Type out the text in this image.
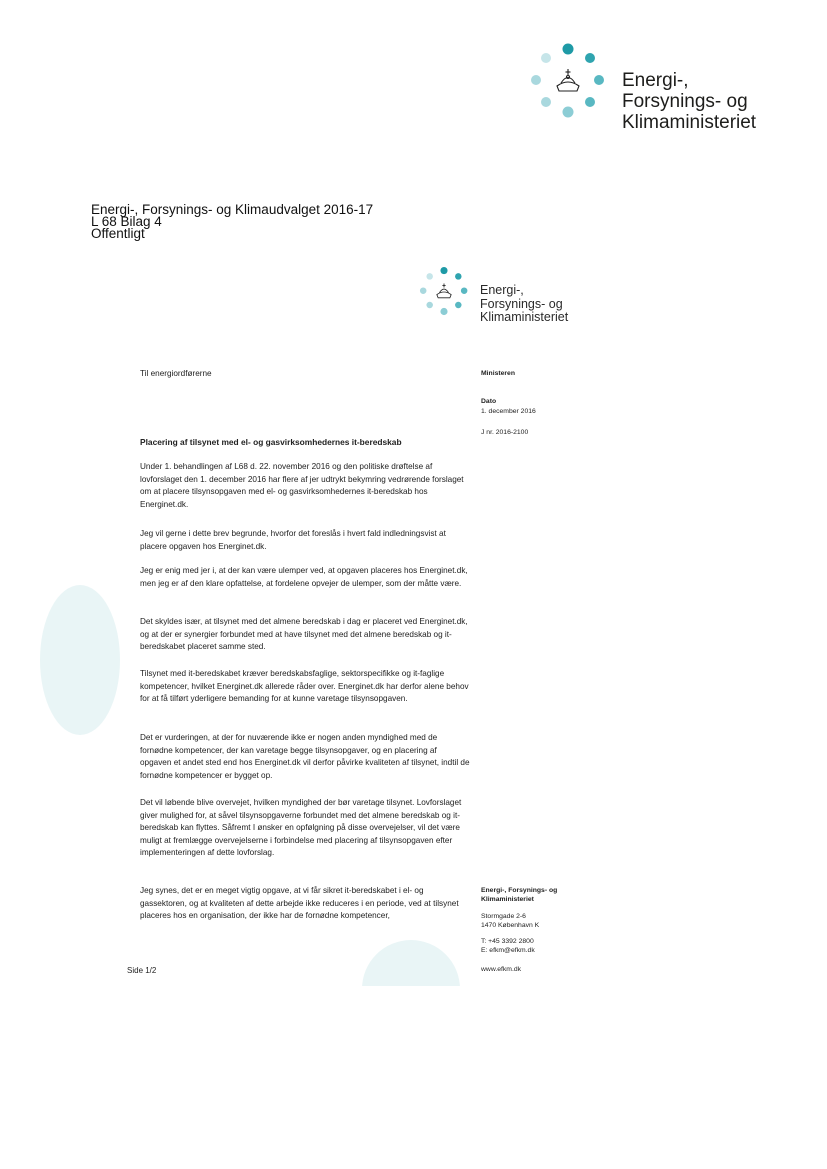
Energi-,
Forsynings- og
Klimaministeriet
Energi-, Forsynings- og Klimaudvalget 2016-17
L 68 Bilag 4
Offentligt
Energi-,
Forsynings- og
Klimaministeriet
Til energiordførerne
Placering af tilsynet med el- og gasvirksomhedernes it-beredskab
Under 1. behandlingen af L68 d. 22. november 2016 og den politiske drøftelse af lovforslaget den 1. december 2016 har flere af jer udtrykt bekymring vedrørende forslaget om at placere tilsynsopgaven med el- og gasvirksomhedernes it-beredskab hos Energinet.dk.
Jeg vil gerne i dette brev begrunde, hvorfor det foreslås i hvert fald indledningsvist at placere opgaven hos Energinet.dk.
Jeg er enig med jer i, at der kan være ulemper ved, at opgaven placeres hos Energinet.dk, men jeg er af den klare opfattelse, at fordelene opvejer de ulemper, som der måtte være.
Det skyldes især, at tilsynet med det almene beredskab i dag er placeret ved Energinet.dk, og at der er synergier forbundet med at have tilsynet med det almene beredskab og it-beredskabet placeret samme sted.
Tilsynet med it-beredskabet kræver beredskabsfaglige, sektorspecifikke og it-faglige kompetencer, hvilket Energinet.dk allerede råder over. Energinet.dk har derfor alene behov for at få tilført yderligere bemanding for at kunne varetage tilsynsopgaven.
Det er vurderingen, at der for nuværende ikke er nogen anden myndighed med de fornødne kompetencer, der kan varetage begge tilsynsopgaver, og en placering af opgaven et andet sted end hos Energinet.dk vil derfor påvirke kvaliteten af tilsynet, indtil de fornødne kompetencer er bygget op.
Det vil løbende blive overvejet, hvilken myndighed der bør varetage tilsynet. Lovforslaget giver mulighed for, at såvel tilsynsopgaverne forbundet med det almene beredskab og it-beredskab kan flyttes. Såfremt I ønsker en opfølgning på disse overvejelser, vil det være muligt at fremlægge overvejelserne i forbindelse med placering af tilsynsopgaven efter implementeringen af dette lovforslag.
Jeg synes, det er en meget vigtig opgave, at vi får sikret it-beredskabet i el- og gassektoren, og at kvaliteten af dette arbejde ikke reduceres i en periode, ved at tilsynet placeres hos en organisation, der ikke har de fornødne kompetencer,
Ministeren
Dato
1. december 2016
J nr. 2016-2100
Energi-, Forsynings- og
Klimaministeriet
Stormgade 2-6
1470 København K
T: +45 3392 2800
E: efkm@efkm.dk
www.efkm.dk
Side 1/2
